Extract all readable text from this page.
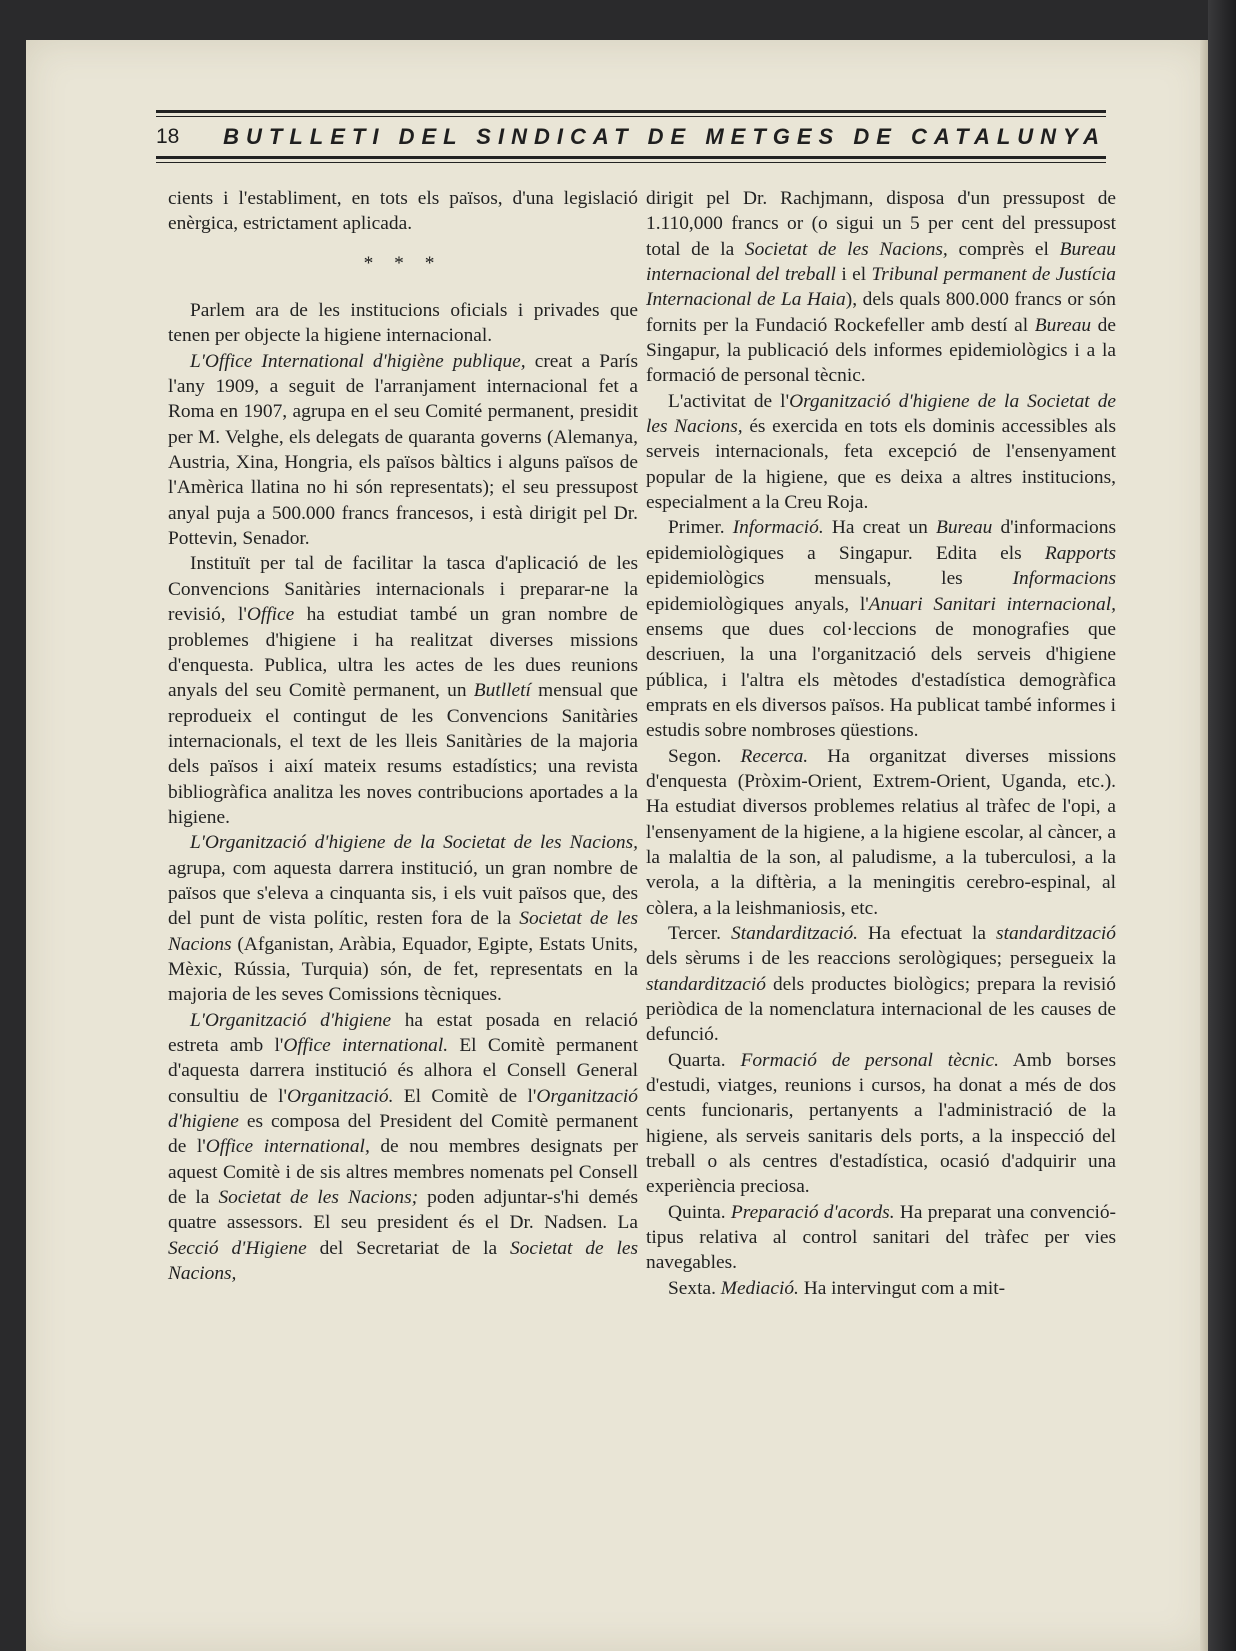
18	BUTLLETI DEL SINDICAT DE METGES DE CATALUNYA

cients i l'establiment, en tots els països, d'una legislació enèrgica, estrictament aplicada.

* * *

Parlem ara de les institucions oficials i privades que tenen per objecte la higiene internacional.

L'Office International d'higiène publique, creat a París l'any 1909, a seguit de l'arranjament internacional fet a Roma en 1907, agrupa en el seu Comité permanent, presidit per M. Velghe, els delegats de quaranta governs (Alemanya, Austria, Xina, Hongria, els països bàltics i alguns països de l'Amèrica llatina no hi són representats); el seu pressupost anyal puja a 500.000 francs francesos, i està dirigit pel Dr. Pottevin, Senador.

Instituït per tal de facilitar la tasca d'aplicació de les Convencions Sanitàries internacionals i preparar-ne la revisió, l'Office ha estudiat també un gran nombre de problemes d'higiene i ha realitzat diverses missions d'enquesta. Publica, ultra les actes de les dues reunions anyals del seu Comitè permanent, un Butlletí mensual que reprodueix el contingut de les Convencions Sanitàries internacionals, el text de les lleis Sanitàries de la majoria dels països i així mateix resums estadístics; una revista bibliogràfica analitza les noves contribucions aportades a la higiene.

L'Organització d'higiene de la Societat de les Nacions, agrupa, com aquesta darrera institució, un gran nombre de països que s'eleva a cinquanta sis, i els vuit països que, des del punt de vista polític, resten fora de la Societat de les Nacions (Afganistan, Aràbia, Equador, Egipte, Estats Units, Mèxic, Rússia, Turquia) són, de fet, representats en la majoria de les seves Comissions tècniques.

L'Organització d'higiene ha estat posada en relació estreta amb l'Office international. El Comitè permanent d'aquesta darrera institució és alhora el Consell General consultiu de l'Organització. El Comitè de l'Organització d'higiene es composa del President del Comitè permanent de l'Office international, de nou membres designats per aquest Comitè i de sis altres membres nomenats pel Consell de la Societat de les Nacions; poden adjuntar-s'hi demés quatre assessors. El seu president és el Dr. Nadsen. La Secció d'Higiene del Secretariat de la Societat de les Nacions,

dirigit pel Dr. Rachjmann, disposa d'un pressupost de 1.110,000 francs or (o sigui un 5 per cent del pressupost total de la Societat de les Nacions, comprès el Bureau internacional del treball i el Tribunal permanent de Justícia Internacional de La Haia), dels quals 800.000 francs or són fornits per la Fundació Rockefeller amb destí al Bureau de Singapur, la publicació dels informes epidemiològics i a la formació de personal tècnic.

L'activitat de l'Organització d'higiene de la Societat de les Nacions, és exercida en tots els dominis accessibles als serveis internacionals, feta excepció de l'ensenyament popular de la higiene, que es deixa a altres institucions, especialment a la Creu Roja.

Primer. Informació. Ha creat un Bureau d'informacions epidemiològiques a Singapur. Edita els Rapports epidemiològics mensuals, les Informacions epidemiològiques anyals, l'Anuari Sanitari internacional, ensems que dues col·leccions de monografies que descriuen, la una l'organització dels serveis d'higiene pública, i l'altra els mètodes d'estadística demogràfica emprats en els diversos països. Ha publicat també informes i estudis sobre nombroses qüestions.

Segon. Recerca. Ha organitzat diverses missions d'enquesta (Pròxim-Orient, Extrem-Orient, Uganda, etc.). Ha estudiat diversos problemes relatius al tràfec de l'opi, a l'ensenyament de la higiene, a la higiene escolar, al càncer, a la malaltia de la son, al paludisme, a la tuberculosi, a la verola, a la diftèria, a la meningitis cerebro-espinal, al còlera, a la leishmaniosis, etc.

Tercer. Standardització. Ha efectuat la standardització dels sèrums i de les reaccions serològiques; persegueix la standardització dels productes biològics; prepara la revisió periòdica de la nomenclatura internacional de les causes de defunció.

Quarta. Formació de personal tècnic. Amb borses d'estudi, viatges, reunions i cursos, ha donat a més de dos cents funcionaris, pertanyents a l'administració de la higiene, als serveis sanitaris dels ports, a la inspecció del treball o als centres d'estadística, ocasió d'adquirir una experiència preciosa.

Quinta. Preparació d'acords. Ha preparat una convenció-tipus relativa al control sanitari del tràfec per vies navegables.

Sexta. Mediació. Ha intervingut com a mit-
